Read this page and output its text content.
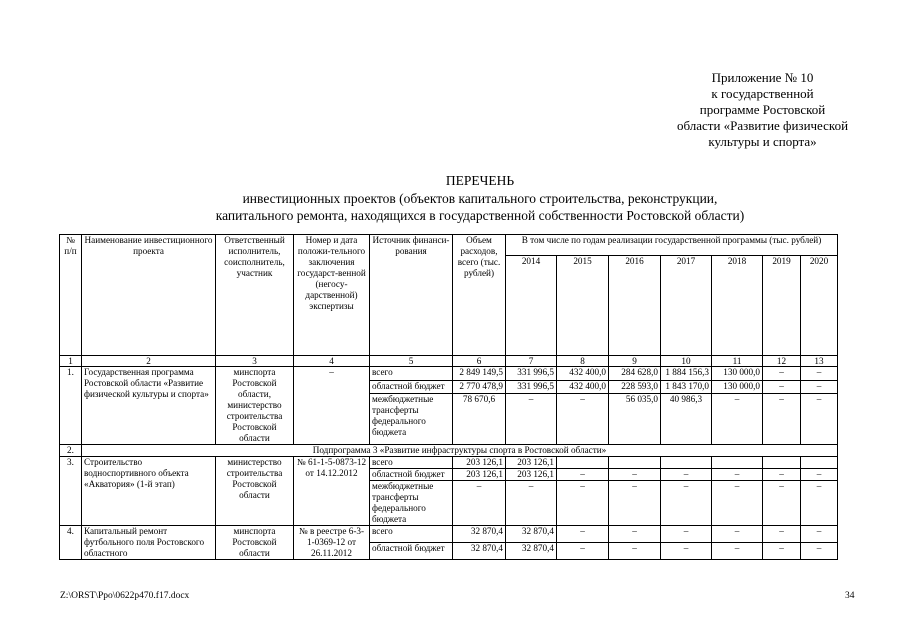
Приложение № 10
к государственной
программе Ростовской
области «Развитие физической
культуры и спорта»
ПЕРЕЧЕНЬ
инвестиционных проектов (объектов капитального строительства, реконструкции,
капитального ремонта, находящихся в государственной собственности Ростовской области)
№ п/п	Наименование инвестиционного проекта	Ответственный исполнитель, соисполнитель, участник	Номер и дата положи-тельного заключения государст-венной (негосу-дарственной) экспертизы	Источник финанси-рования	Объем расходов, всего (тыс. рублей)	В том числе по годам реализации государственной программы (тыс. рублей)						
						2014	2015	2016	2017	2018	2019	2020
1	2	3	4	5	6	7	8	9	10	11	12	13
1.	Государственная программа Ростовской области «Развитие физической культуры и спорта»	минспорта Ростовской области, министерство строительства Ростовской области	–	всего	2 849 149,5	331 996,5	432 400,0	284 628,0	1 884 156,3	130 000,0	–	–
				областной бюджет	2 770 478,9	331 996,5	432 400,0	228 593,0	1 843 170,0	130 000,0	–	–
				межбюджетные трансферты федерального бюджета	78 670,6	–	–	56 035,0	40 986,3	–	–	–
2.	Подпрограмма 3 «Развитие инфраструктуры спорта в Ростовской области»											
3.	Строительство водноспортивного объекта «Акватория» (1-й этап)	министерство строительства Ростовской области	№ 61-1-5-0873-12 от 14.12.2012	всего	203 126,1	203 126,1						
				областной бюджет	203 126,1	203 126,1	–	–	–	–	–	–
				межбюджетные трансферты федерального бюджета	–	–	–	–	–	–	–	–
4.	Капитальный ремонт футбольного поля Ростовского областного	минспорта Ростовской области	№ в реестре 6-3-1-0369-12 от 26.11.2012	всего	32 870,4	32 870,4	–	–	–	–	–	–
				областной бюджет	32 870,4	32 870,4	–	–	–	–	–	–
Z:\ORST\Ppo\0622p470.f17.docx	34
